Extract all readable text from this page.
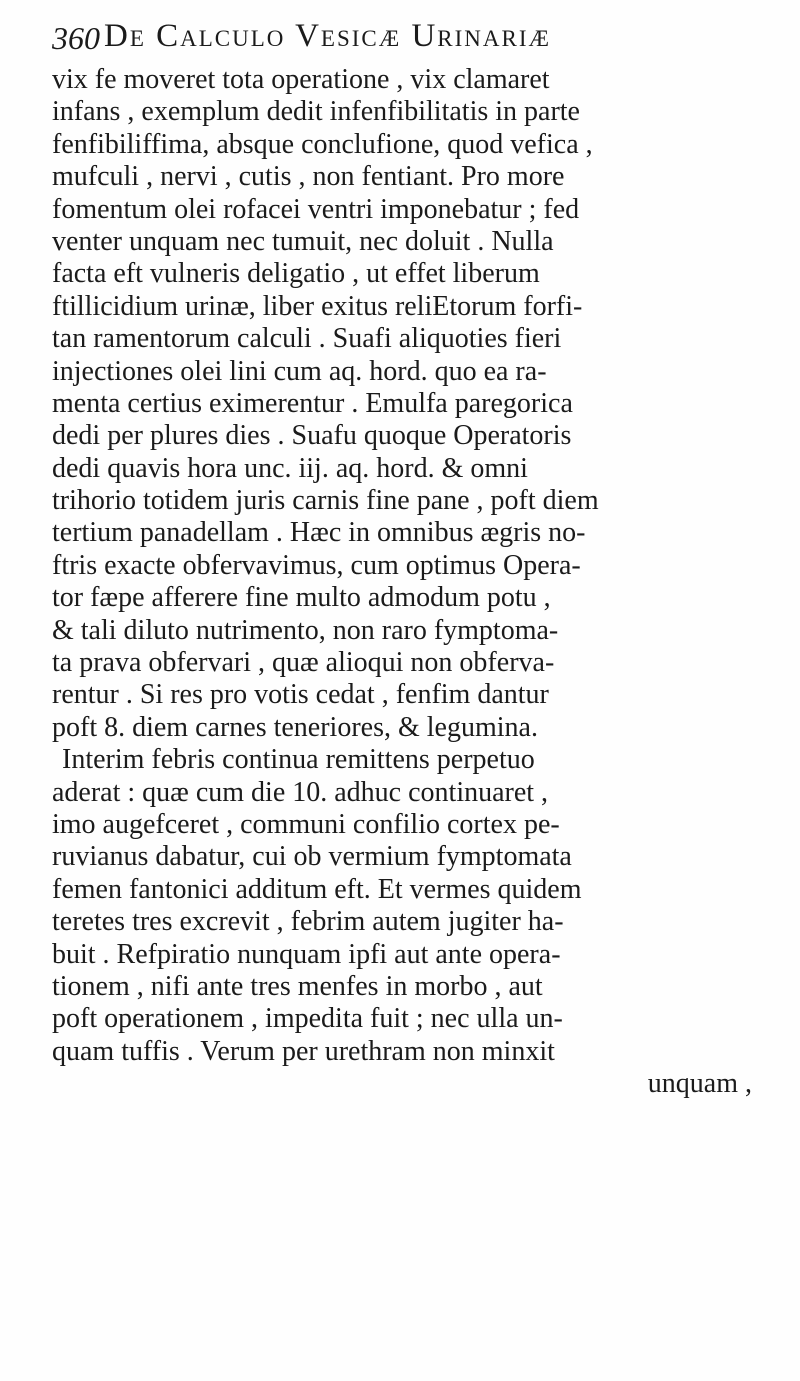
360 De Calculo Vesicæ Urinariæ
vix fe moveret tota operatione , vix clamaret
infans , exemplum dedit infenfibilitatis in parte
fenfibiliffima, absque conclufione, quod vefica ,
mufculi , nervi , cutis , non fentiant. Pro more
fomentum olei rofacei ventri imponebatur ; fed
venter unquam nec tumuit, nec doluit . Nulla
facta eft vulneris deligatio , ut effet liberum
ftillicidium urinæ, liber exitus reliEtorum forfi-
tan ramentorum calculi . Suafi aliquoties fieri
injectiones olei lini cum aq. hord. quo ea ra-
menta certius eximerentur . Emulfa paregorica
dedi per plures dies . Suafu quoque Operatoris
dedi quavis hora unc. iij. aq. hord. & omni
trihorio totidem juris carnis fine pane , poft diem
tertium panadellam . Hæc in omnibus ægris no-
ftris exacte obfervavimus, cum optimus Opera-
tor fæpe afferere fine multo admodum potu ,
& tali diluto nutrimento, non raro fymptoma-
ta prava obfervari , quæ alioqui non obferva-
rentur . Si res pro votis cedat , fenfim dantur
poft 8. diem carnes teneriores, & legumina.
Interim febris continua remittens perpetuo
aderat : quæ cum die 10. adhuc continuaret ,
imo augefceret , communi confilio cortex pe-
ruvianus dabatur, cui ob vermium fymptomata
femen fantonici additum eft. Et vermes quidem
teretes tres excrevit , febrim autem jugiter ha-
buit . Refpiratio nunquam ipfi aut ante opera-
tionem , nifi ante tres menfes in morbo , aut
poft operationem , impedita fuit ; nec ulla un-
quam tuffis . Verum per urethram non minxit
unquam ,
